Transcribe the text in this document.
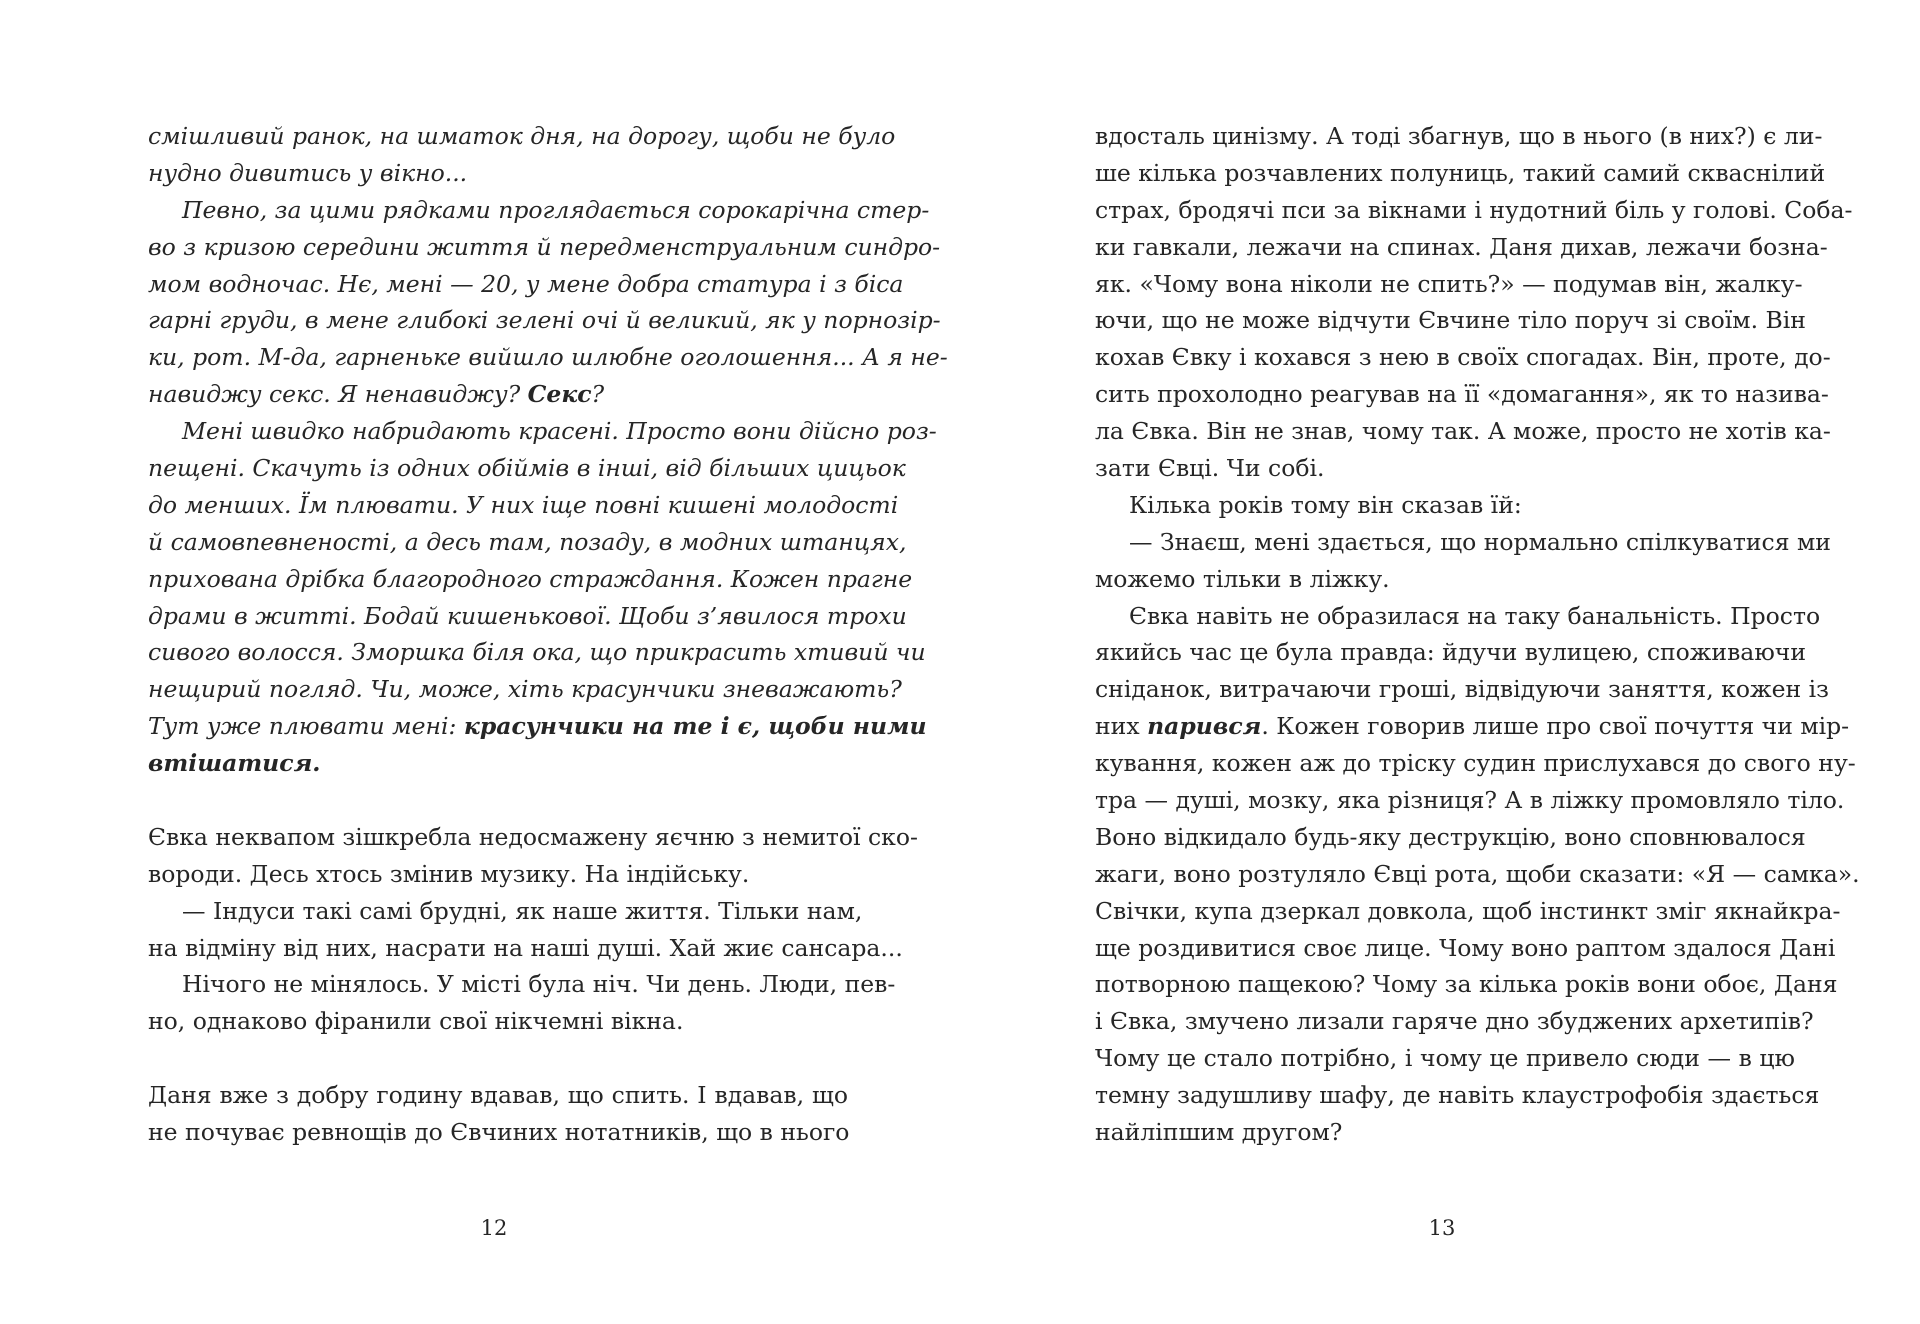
смішливий ранок, на шматок дня, на дорогу, щоби не було
нудно дивитись у вікно...
Певно, за цими рядками проглядається сорокарічна стер-
во з кризою середини життя й передменструальним синдро-
мом водночас. Нє, мені — 20, у мене добра статура і з біса
гарні груди, в мене глибокі зелені очі й великий, як у порнозір-
ки, рот. М-да, гарненьке вийшло шлюбне оголошення... А я не-
навиджу секс. Я ненавиджу? Секс?
Мені швидко набридають красені. Просто вони дійсно роз-
пещені. Скачуть із одних обіймів в інші, від більших цицьок
до менших. Їм плювати. У них іще повні кишені молодості
й самовпевненості, а десь там, позаду, в модних штанцях,
прихована дрібка благородного страждання. Кожен прагне
драми в житті. Бодай кишенькової. Щоби з’явилося трохи
сивого волосся. Зморшка біля ока, що прикрасить хтивий чи
нещирий погляд. Чи, може, хіть красунчики зневажають?
Тут уже плювати мені: красунчики на те і є, щоби ними
втішатися.
Євка неквапом зішкребла недосмажену яєчню з немитої ско-
вороди. Десь хтось змінив музику. На індійську.
— Індуси такі самі брудні, як наше життя. Тільки нам,
на відміну від них, насрати на наші душі. Хай жиє сансара...
Нічого не мінялось. У місті була ніч. Чи день. Люди, пев-
но, однаково фіранили свої нікчемні вікна.
Даня вже з добру годину вдавав, що спить. І вдавав, що
не почуває ревнощів до Євчиних нотатників, що в нього
вдосталь цинізму. А тоді збагнув, що в нього (в них?) є ли-
ше кілька розчавлених полуниць, такий самий скваснілий
страх, бродячі пси за вікнами і нудотний біль у голові. Соба-
ки гавкали, лежачи на спинах. Даня дихав, лежачи бозна-
як. «Чому вона ніколи не спить?» — подумав він, жалку-
ючи, що не може відчути Євчине тіло поруч зі своїм. Він
кохав Євку і кохався з нею в своїх спогадах. Він, проте, до-
сить прохолодно реагував на її «домагання», як то назива-
ла Євка. Він не знав, чому так. А може, просто не хотів ка-
зати Євці. Чи собі.
Кілька років тому він сказав їй:
— Знаєш, мені здається, що нормально спілкуватися ми
можемо тільки в ліжку.
Євка навіть не образилася на таку банальність. Просто
якийсь час це була правда: йдучи вулицею, споживаючи
сніданок, витрачаючи гроші, відвідуючи заняття, кожен із
них парився. Кожен говорив лише про свої почуття чи мір-
кування, кожен аж до тріску судин прислухався до свого ну-
тра — душі, мозку, яка різниця? А в ліжку промовляло тіло.
Воно відкидало будь-яку деструкцію, воно сповнювалося
жаги, воно розтуляло Євці рота, щоби сказати: «Я — самка».
Свічки, купа дзеркал довкола, щоб інстинкт зміг якнайкра-
ще роздивитися своє лице. Чому воно раптом здалося Дані
потворною пащекою? Чому за кілька років вони обоє, Даня
і Євка, змучено лизали гаряче дно збуджених архетипів?
Чому це стало потрібно, і чому це привело сюди — в цю
темну задушливу шафу, де навіть клаустрофобія здається
найліпшим другом?
12	13
